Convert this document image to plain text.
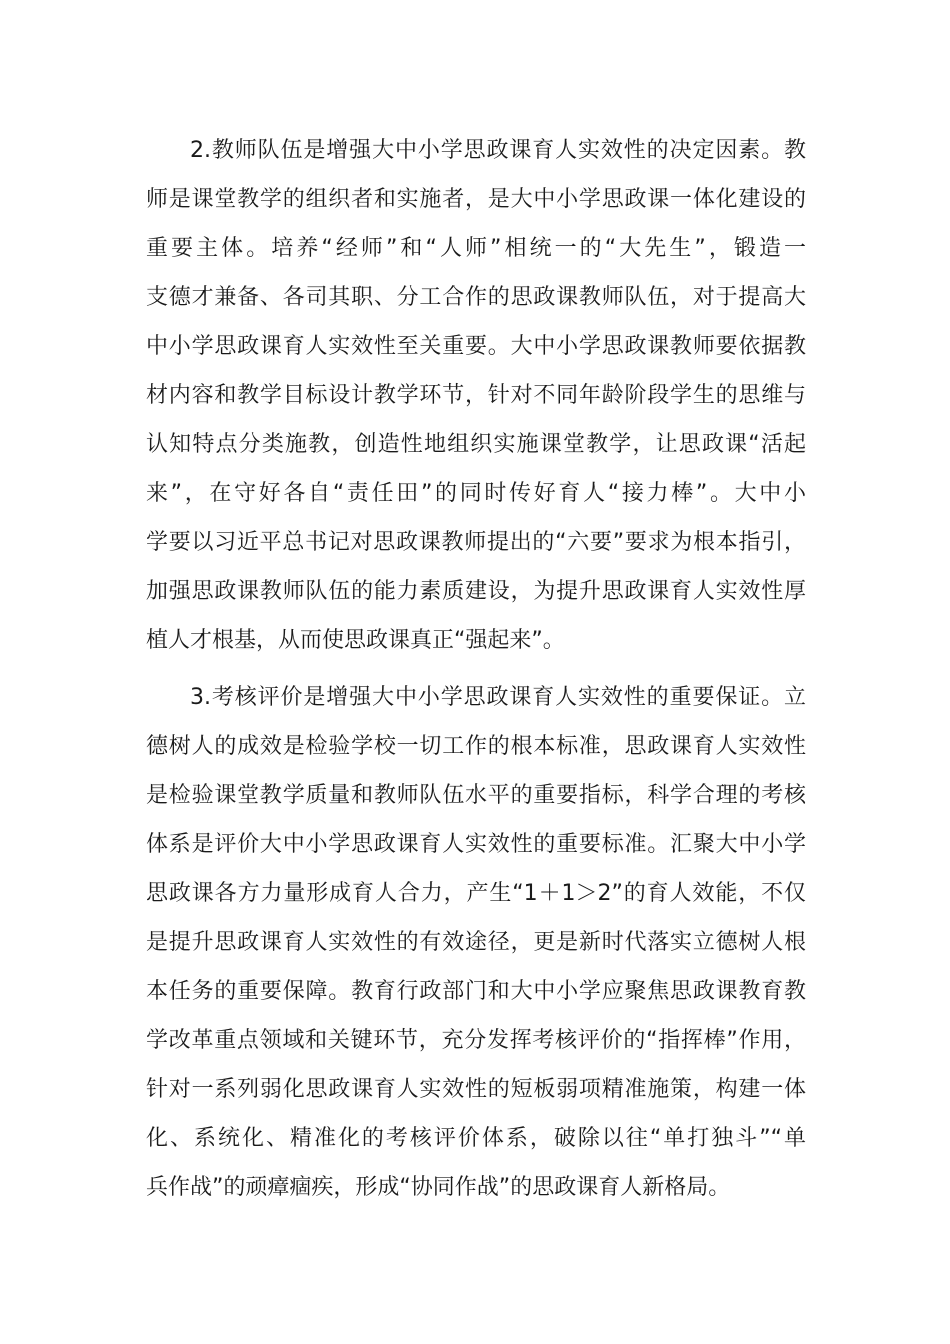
2.教师队伍是增强大中小学思政课育人实效性的决定因素。教
师是课堂教学的组织者和实施者，是大中小学思政课一体化建设的
重要主体。培养“经师”和“人师”相统一的“大先生”，锻造一
支德才兼备、各司其职、分工合作的思政课教师队伍，对于提高大
中小学思政课育人实效性至关重要。大中小学思政课教师要依据教
材内容和教学目标设计教学环节，针对不同年龄阶段学生的思维与
认知特点分类施教，创造性地组织实施课堂教学，让思政课“活起
来”，在守好各自“责任田”的同时传好育人“接力棒”。大中小
学要以习近平总书记对思政课教师提出的“六要”要求为根本指引，
加强思政课教师队伍的能力素质建设，为提升思政课育人实效性厚
植人才根基，从而使思政课真正“强起来”。
3.考核评价是增强大中小学思政课育人实效性的重要保证。立
德树人的成效是检验学校一切工作的根本标准，思政课育人实效性
是检验课堂教学质量和教师队伍水平的重要指标，科学合理的考核
体系是评价大中小学思政课育人实效性的重要标准。汇聚大中小学
思政课各方力量形成育人合力，产生“1＋1＞2”的育人效能，不仅
是提升思政课育人实效性的有效途径，更是新时代落实立德树人根
本任务的重要保障。教育行政部门和大中小学应聚焦思政课教育教
学改革重点领域和关键环节，充分发挥考核评价的“指挥棒”作用，
针对一系列弱化思政课育人实效性的短板弱项精准施策，构建一体
化、系统化、精准化的考核评价体系，破除以往“单打独斗”“单
兵作战”的顽瘴痼疾，形成“协同作战”的思政课育人新格局。
